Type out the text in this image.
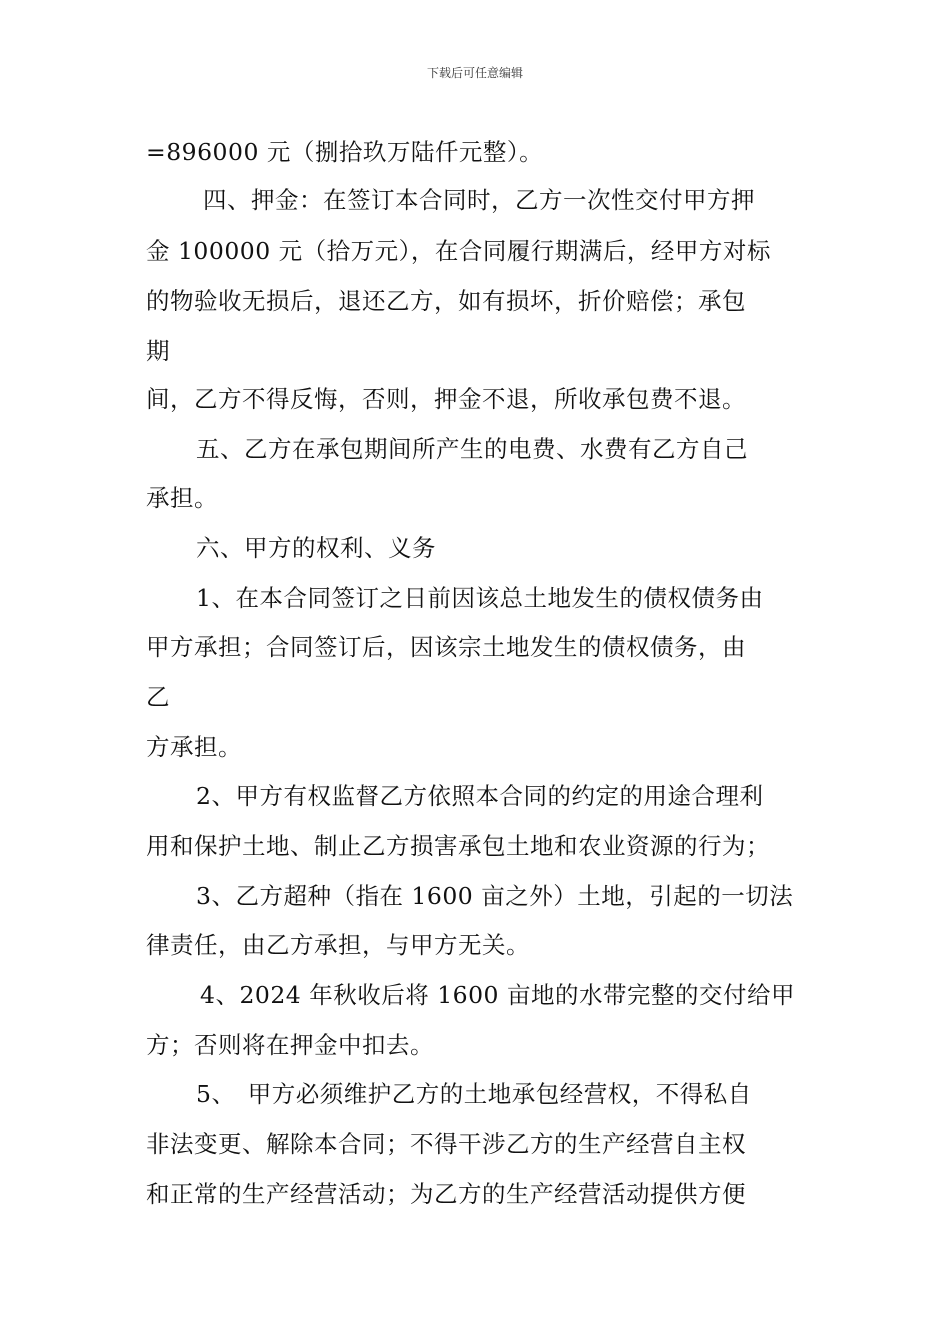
下载后可任意编辑
=896000 元（捌拾玖万陆仟元整）。
四、押金：在签订本合同时，乙方一次性交付甲方押
金 100000 元（拾万元），在合同履行期满后，经甲方对标
的物验收无损后，退还乙方，如有损坏，折价赔偿；承包
期
间，乙方不得反悔，否则，押金不退，所收承包费不退。
五、乙方在承包期间所产生的电费、水费有乙方自己
承担。
六、甲方的权利、义务
1、在本合同签订之日前因该总土地发生的债权债务由
甲方承担；合同签订后，因该宗土地发生的债权债务，由
乙
方承担。
2、甲方有权监督乙方依照本合同的约定的用途合理利
用和保护土地、制止乙方损害承包土地和农业资源的行为；
3、乙方超种（指在 1600 亩之外）土地，引起的一切法
律责任，由乙方承担，与甲方无关。
4、2024 年秋收后将 1600 亩地的水带完整的交付给甲
方；否则将在押金中扣去。
5、　甲方必须维护乙方的土地承包经营权，不得私自
非法变更、解除本合同；不得干涉乙方的生产经营自主权
和正常的生产经营活动；为乙方的生产经营活动提供方便
